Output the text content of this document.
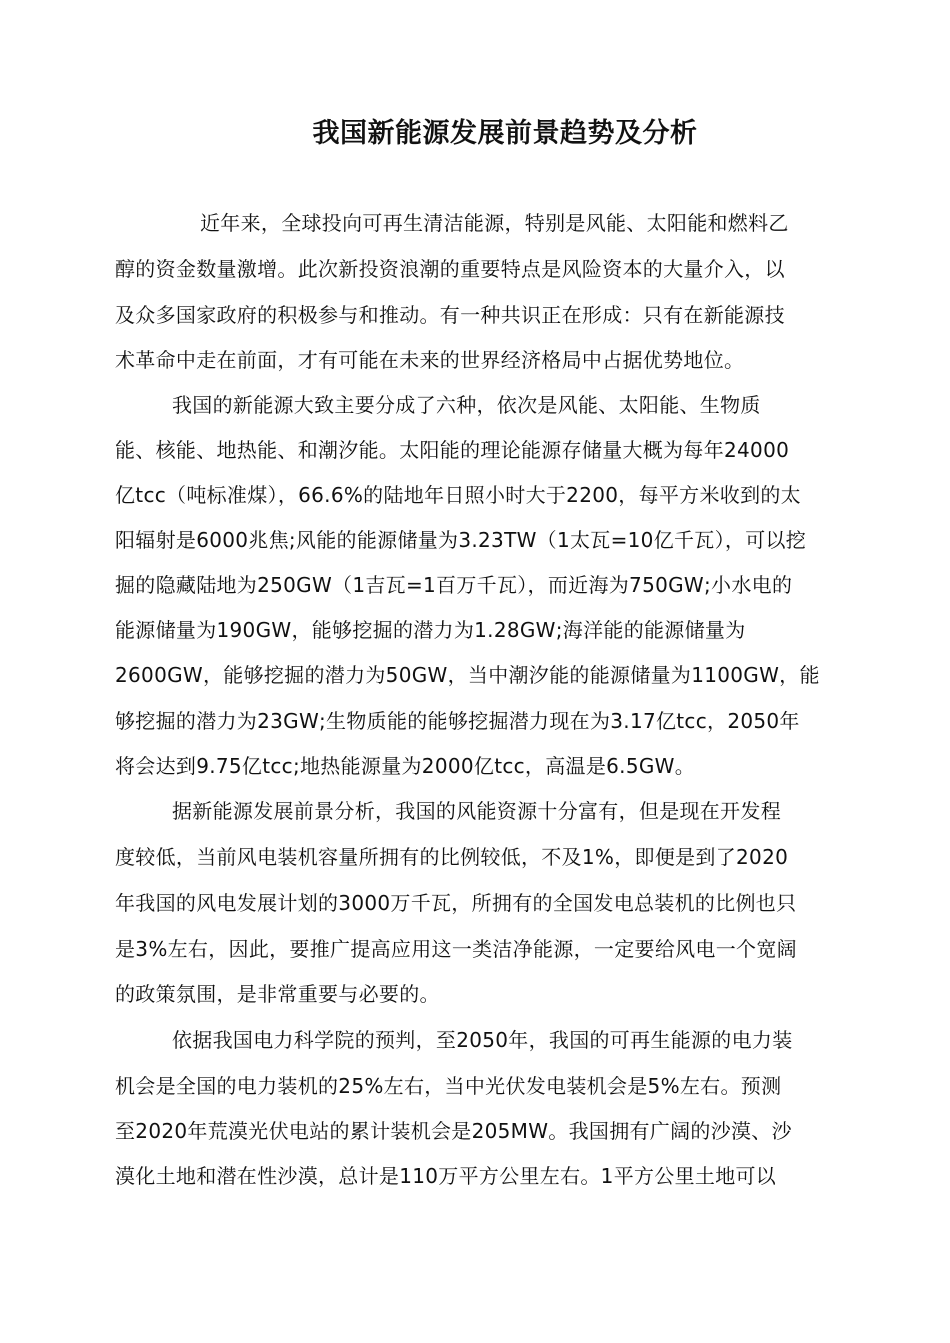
我国新能源发展前景趋势及分析
近年来，全球投向可再生清洁能源，特别是风能、太阳能和燃料乙
醇的资金数量激增。此次新投资浪潮的重要特点是风险资本的大量介入，以
及众多国家政府的积极参与和推动。有一种共识正在形成：只有在新能源技
术革命中走在前面，才有可能在未来的世界经济格局中占据优势地位。
我国的新能源大致主要分成了六种，依次是风能、太阳能、生物质
能、核能、地热能、和潮汐能。太阳能的理论能源存储量大概为每年24000
亿tcc（吨标准煤），66.6%的陆地年日照小时大于2200，每平方米收到的太
阳辐射是6000兆焦;风能的能源储量为3.23TW（1太瓦=10亿千瓦），可以挖
掘的隐藏陆地为250GW（1吉瓦=1百万千瓦），而近海为750GW;小水电的
能源储量为190GW，能够挖掘的潜力为1.28GW;海洋能的能源储量为
2600GW，能够挖掘的潜力为50GW，当中潮汐能的能源储量为1100GW，能
够挖掘的潜力为23GW;生物质能的能够挖掘潜力现在为3.17亿tcc，2050年
将会达到9.75亿tcc;地热能源量为2000亿tcc，高温是6.5GW。
据新能源发展前景分析，我国的风能资源十分富有，但是现在开发程
度较低，当前风电装机容量所拥有的比例较低，不及1%，即便是到了2020
年我国的风电发展计划的3000万千瓦，所拥有的全国发电总装机的比例也只
是3%左右，因此，要推广提高应用这一类洁净能源，一定要给风电一个宽阔
的政策氛围，是非常重要与必要的。
依据我国电力科学院的预判，至2050年，我国的可再生能源的电力装
机会是全国的电力装机的25%左右，当中光伏发电装机会是5%左右。预测
至2020年荒漠光伏电站的累计装机会是205MW。我国拥有广阔的沙漠、沙
漠化土地和潜在性沙漠，总计是110万平方公里左右。1平方公里土地可以
